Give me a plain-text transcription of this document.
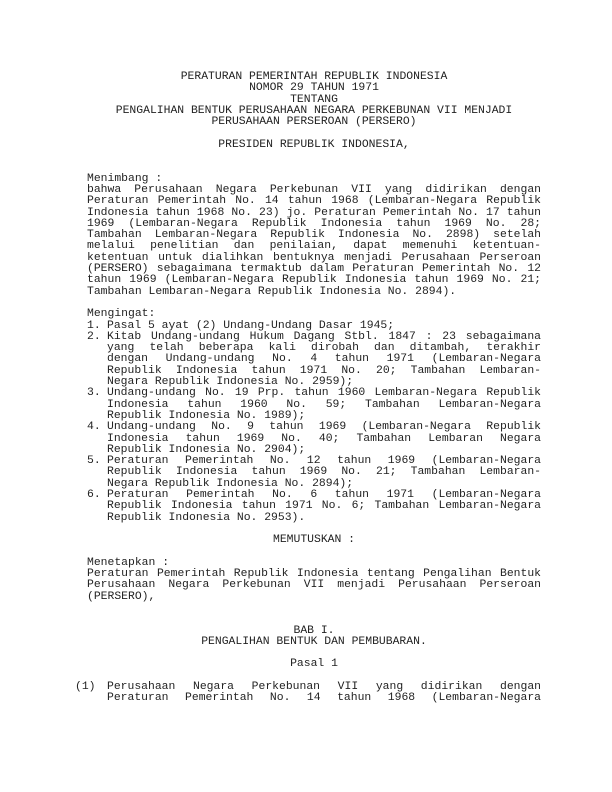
PERATURAN PEMERINTAH REPUBLIK INDONESIA
NOMOR 29 TAHUN 1971
TENTANG
PENGALIHAN BENTUK PERUSAHAAN NEGARA PERKEBUNAN VII MENJADI
PERUSAHAAN PERSEROAN (PERSERO)
PRESIDEN REPUBLIK INDONESIA,
Menimbang :
bahwa Perusahaan Negara Perkebunan VII yang didirikan dengan
Peraturan Pemerintah No. 14 tahun 1968 (Lembaran-Negara Republik
Indonesia tahun 1968 No. 23) jo. Peraturan Pemerintah No. 17 tahun
1969 (Lembaran-Negara Republik Indonesia tahun 1969 No. 28;
Tambahan Lembaran-Negara Republik Indonesia No. 2898) setelah
melalui penelitian dan penilaian, dapat memenuhi ketentuan-
ketentuan untuk dialihkan bentuknya menjadi Perusahaan Perseroan
(PERSERO) sebagaimana termaktub dalam Peraturan Pemerintah No. 12
tahun 1969 (Lembaran-Negara Republik Indonesia tahun 1969 No. 21;
Tambahan Lembaran-Negara Republik Indonesia No. 2894).
Mengingat:
1. Pasal 5 ayat (2) Undang-Undang Dasar 1945;
2. Kitab Undang-undang Hukum Dagang Stbl. 1847 : 23 sebagaimana
yang telah beberapa kali dirobah dan ditambah, terakhir
dengan Undang-undang No. 4 tahun 1971 (Lembaran-Negara
Republik Indonesia tahun 1971 No. 20; Tambahan Lembaran-
Negara Republik Indonesia No. 2959);
3. Undang-undang No. 19 Prp. tahun 1960 Lembaran-Negara Republik
Indonesia tahun 1960 No. 59; Tambahan Lembaran-Negara
Republik Indonesia No. 1989);
4. Undang-undang No. 9 tahun 1969 (Lembaran-Negara Republik
Indonesia tahun 1969 No. 40; Tambahan Lembaran Negara
Republik Indonesia No. 2904);
5. Peraturan Pemerintah No. 12 tahun 1969 (Lembaran-Negara
Republik Indonesia tahun 1969 No. 21; Tambahan Lembaran-
Negara Republik Indonesia No. 2894);
6. Peraturan Pemerintah No. 6 tahun 1971 (Lembaran-Negara
Republik Indonesia tahun 1971 No. 6; Tambahan Lembaran-Negara
Republik Indonesia No. 2953).
MEMUTUSKAN :
Menetapkan :
Peraturan Pemerintah Republik Indonesia tentang Pengalihan Bentuk
Perusahaan Negara Perkebunan VII menjadi Perusahaan Perseroan
(PERSERO),
BAB I.
PENGALIHAN BENTUK DAN PEMBUBARAN.
Pasal 1
(1)	Perusahaan Negara Perkebunan VII yang didirikan dengan
Peraturan Pemerintah No. 14 tahun 1968 (Lembaran-Negara
